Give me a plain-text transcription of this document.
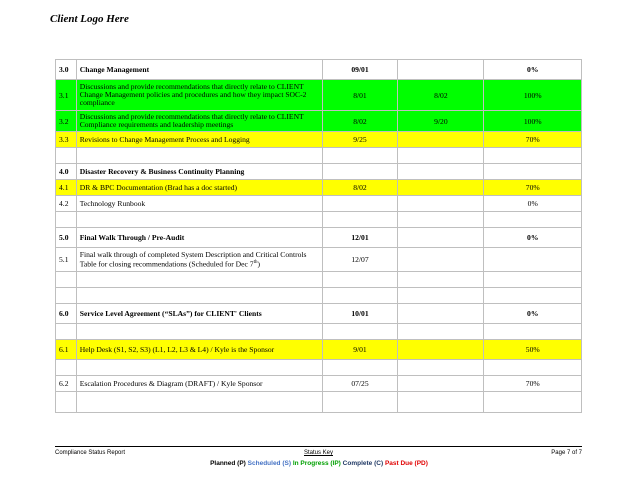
Client Logo Here
3.0	Change Management	09/01		0%
3.1	Discussions and provide recommendations that directly relate to CLIENT Change Management policies and procedures and how they impact SOC-2 compliance	8/01	8/02	100%
3.2	Discussions and provide recommendations that directly relate to CLIENT Compliance requirements and leadership meetings	8/02	9/20	100%
3.3	Revisions to Change Management Process and Logging	9/25		70%

4.0	Disaster Recovery & Business Continuity Planning			
4.1	DR & BPC Documentation (Brad has a doc started)	8/02		70%
4.2	Technology Runbook			0%

5.0	Final Walk Through / Pre-Audit	12/01		0%
5.1	Final walk through of completed System Description and Critical Controls Table for closing recommendations (Scheduled for Dec 7th)	12/07		

6.0	Service Level Agreement (“SLAs”) for CLIENT' Clients	10/01		0%

6.1	Help Desk (S1, S2, S3) (L1, L2, L3 & L4) / Kyle is the Sponsor	9/01		50%

6.2	Escalation Procedures & Diagram (DRAFT) / Kyle Sponsor	07/25		70%

Compliance Status Report	Status Key	Page 7 of 7
Planned (P) Scheduled (S) In Progress (IP) Complete (C) Past Due (PD)
